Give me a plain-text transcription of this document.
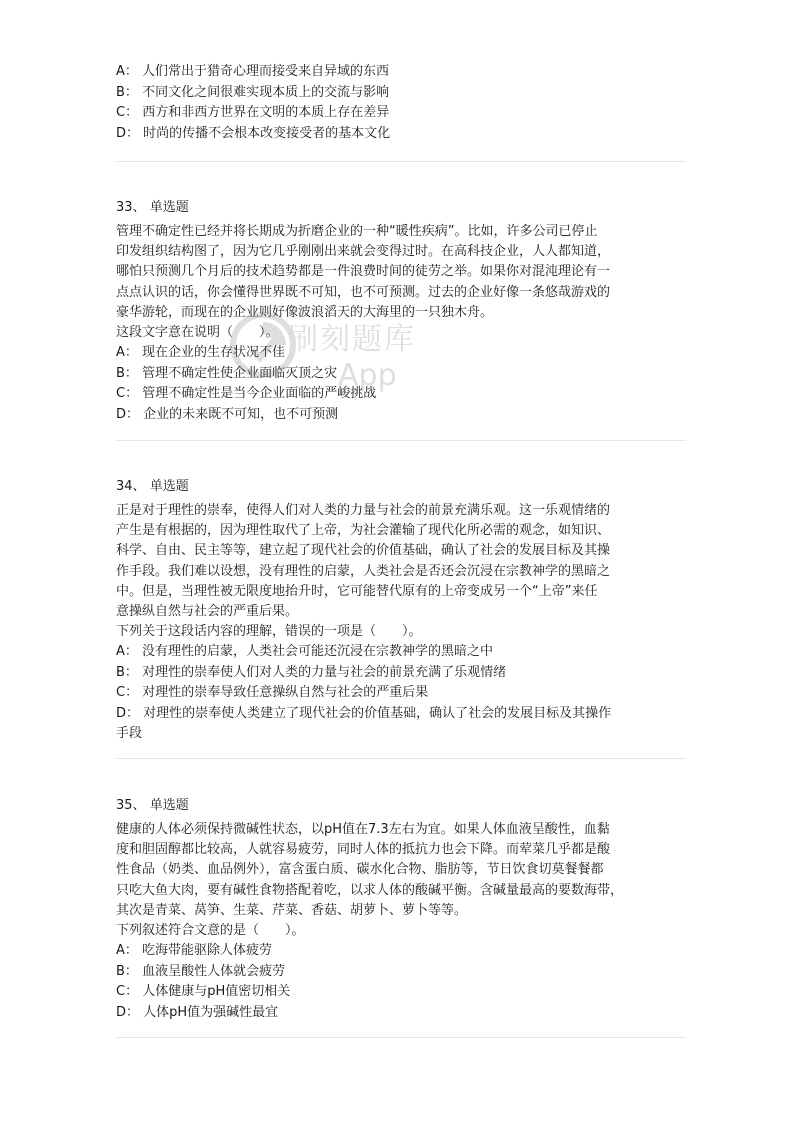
A： 人们常出于猎奇心理而接受来自异域的东西
B： 不同文化之间很难实现本质上的交流与影响
C： 西方和非西方世界在文明的本质上存在差异
D： 时尚的传播不会根本改变接受者的基本文化
33、 单选题
管理不确定性已经并将长期成为折磨企业的一种“暖性疾病”。比如，许多公司已停止
印发组织结构图了，因为它几乎刚刚出来就会变得过时。在高科技企业，人人都知道，
哪怕只预测几个月后的技术趋势都是一件浪费时间的徒劳之举。如果你对混沌理论有一
点点认识的话，你会懂得世界既不可知，也不可预测。过去的企业好像一条悠哉游戏的
豪华游轮，而现在的企业则好像波浪滔天的大海里的一只独木舟。
这段文字意在说明（　　）。
A： 现在企业的生存状况不佳
B： 管理不确定性使企业面临灭顶之灾
C： 管理不确定性是当今企业面临的严峻挑战
D： 企业的未来既不可知，也不可预测
34、 单选题
正是对于理性的崇奉，使得人们对人类的力量与社会的前景充满乐观。这一乐观情绪的
产生是有根据的，因为理性取代了上帝，为社会灌输了现代化所必需的观念，如知识、
科学、自由、民主等等，建立起了现代社会的价值基础，确认了社会的发展目标及其操
作手段。我们难以设想，没有理性的启蒙，人类社会是否还会沉浸在宗教神学的黑暗之
中。但是，当理性被无限度地抬升时，它可能替代原有的上帝变成另一个“上帝”来任
意操纵自然与社会的严重后果。
下列关于这段话内容的理解，错误的一项是（　　）。
A： 没有理性的启蒙，人类社会可能还沉浸在宗教神学的黑暗之中
B： 对理性的崇奉使人们对人类的力量与社会的前景充满了乐观情绪
C： 对理性的崇奉导致任意操纵自然与社会的严重后果
D： 对理性的崇奉使人类建立了现代社会的价值基础，确认了社会的发展目标及其操作
手段
35、 单选题
健康的人体必须保持微碱性状态，以pH值在7.3左右为宜。如果人体血液呈酸性，血黏
度和胆固醇都比较高，人就容易疲劳，同时人体的抵抗力也会下降。而荤菜几乎都是酸
性食品（奶类、血品例外），富含蛋白质、碳水化合物、脂肪等，节日饮食切莫餐餐都
只吃大鱼大肉，要有碱性食物搭配着吃，以求人体的酸碱平衡。含碱量最高的要数海带，
其次是青菜、莴笋、生菜、芹菜、香菇、胡萝卜、萝卜等等。
下列叙述符合文意的是（　　）。
A： 吃海带能驱除人体疲劳
B： 血液呈酸性人体就会疲劳
C： 人体健康与pH值密切相关
D： 人体pH值为强碱性最宜
刷刻题库
App
